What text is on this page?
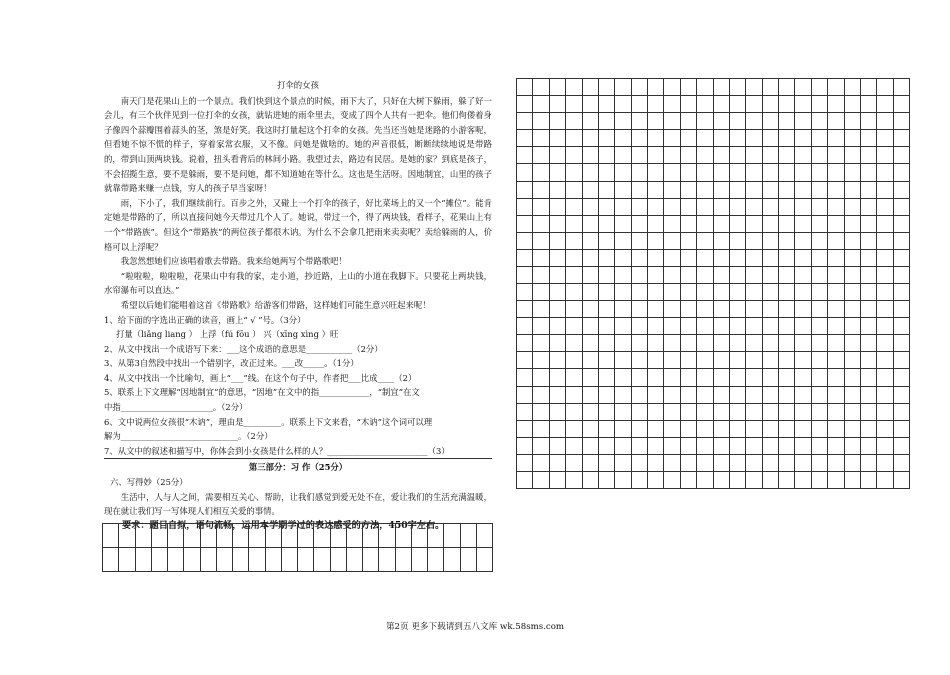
打伞的女孩

南天门是花果山上的一个景点。我们快到这个景点的时候，雨下大了，只好在大树下躲雨，躲了好一会儿，有三个伙伴见到一位打伞的女孩，就钻进她的雨伞里去，变成了四个人共有一把伞。他们佝偻着身子像四个蒜瓣围着蒜头的茎，煞是好笑。我这时打量起这个打伞的女孩。先当还当她是迷路的小游客呢，但看她不惊不慌的样子，穿着家常衣服，又不像。问她是做啥的。她的声音很低，断断续续地说是带路的，带到山顶两块钱。说着，扭头看背后的林间小路。我望过去，路边有民居。是她的家？到底是孩子，不会招揽生意，要不是躲雨，要不是问她，都不知道她在等什么。这也是生活呀。因地制宜，山里的孩子就靠带路来赚一点钱，穷人的孩子早当家呀！

雨，下小了，我们继续前行。百步之外，又碰上一个打伞的孩子，好比菜场上的又一个“摊位”。能肯定她是带路的了，所以直接问她今天带过几个人了。她说，带过一个，得了两块钱，看样子，花果山上有一个“带路族”。但这个“带路族”的两位孩子都很木讷。为什么不会拿几把雨来卖卖呢？卖给躲雨的人，价格可以上浮呢？

我忽然想她们应该唱着歌去带路。我来给她两写个带路歌吧！

“啦啦啦，啦啦啦，花果山中有我的家，走小道，抄近路，上山的小道在我脚下。只要花上两块钱，水帘瀑布可以直达。”

希望以后她们能唱着这首《带路歌》给游客们带路，这样她们可能生意兴旺起来呢！

1、给下面的字选出正确的读音，画上“ √ ”号。（3分）
打量（liǎng liang ） 上浮（fú fōu ） 兴（xīng xìng ）旺
2、从文中找出一个成语写下来：___这个成语的意思是___________（2分）
3、从第3自然段中找出一个错别字，改正过来。___改_____。（1分）
4、从文中找出一个比喻句，画上“___”线。在这个句子中，作者把___比成____（2）
5、联系上下文理解“因地制宜”的意思，“因地”在文中的指____________，“制宜”在文
中指______________________。（2分）
6、文中说两位女孩很“木讷”，理由是_________。联系上下文来看，“木讷”这个词可以理
解为____________________________。（2分）
7、从文中的叙述和描写中，你体会到小女孩是什么样的人？________________________（3）
第三部分：习 作（25分）
六、写得妙（25分）

生活中，人与人之间，需要相互关心、帮助，让我们感觉到爱无处不在，爱让我们的生活充满温暖，现在就让我们写一写体现人们相互关爱的事情。

要求：题目自拟，语句流畅，运用本学期学过的表达感受的方法，450字左右。
第2页 更多下载请到五八文库 wk.58sms.com
